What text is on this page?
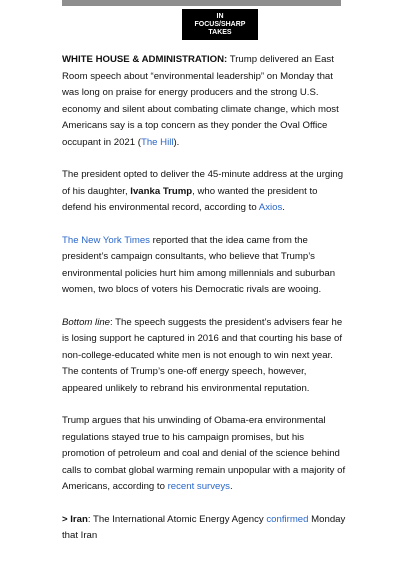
IN
FOCUS/SHARP
TAKES

WHITE HOUSE & ADMINISTRATION: Trump delivered an East Room speech about “environmental leadership” on Monday that was long on praise for energy producers and the strong U.S. economy and silent about combating climate change, which most Americans say is a top concern as they ponder the Oval Office occupant in 2021 (The Hill).

The president opted to deliver the 45-minute address at the urging of his daughter, Ivanka Trump, who wanted the president to defend his environmental record, according to Axios.

The New York Times reported that the idea came from the president’s campaign consultants, who believe that Trump’s environmental policies hurt him among millennials and suburban women, two blocs of voters his Democratic rivals are wooing.

Bottom line: The speech suggests the president’s advisers fear he is losing support he captured in 2016 and that courting his base of non-college-educated white men is not enough to win next year. The contents of Trump’s one-off energy speech, however, appeared unlikely to rebrand his environmental reputation.

Trump argues that his unwinding of Obama-era environmental regulations stayed true to his campaign promises, but his promotion of petroleum and coal and denial of the science behind calls to combat global warming remain unpopular with a majority of Americans, according to recent surveys.

> Iran: The International Atomic Energy Agency confirmed Monday that Iran
